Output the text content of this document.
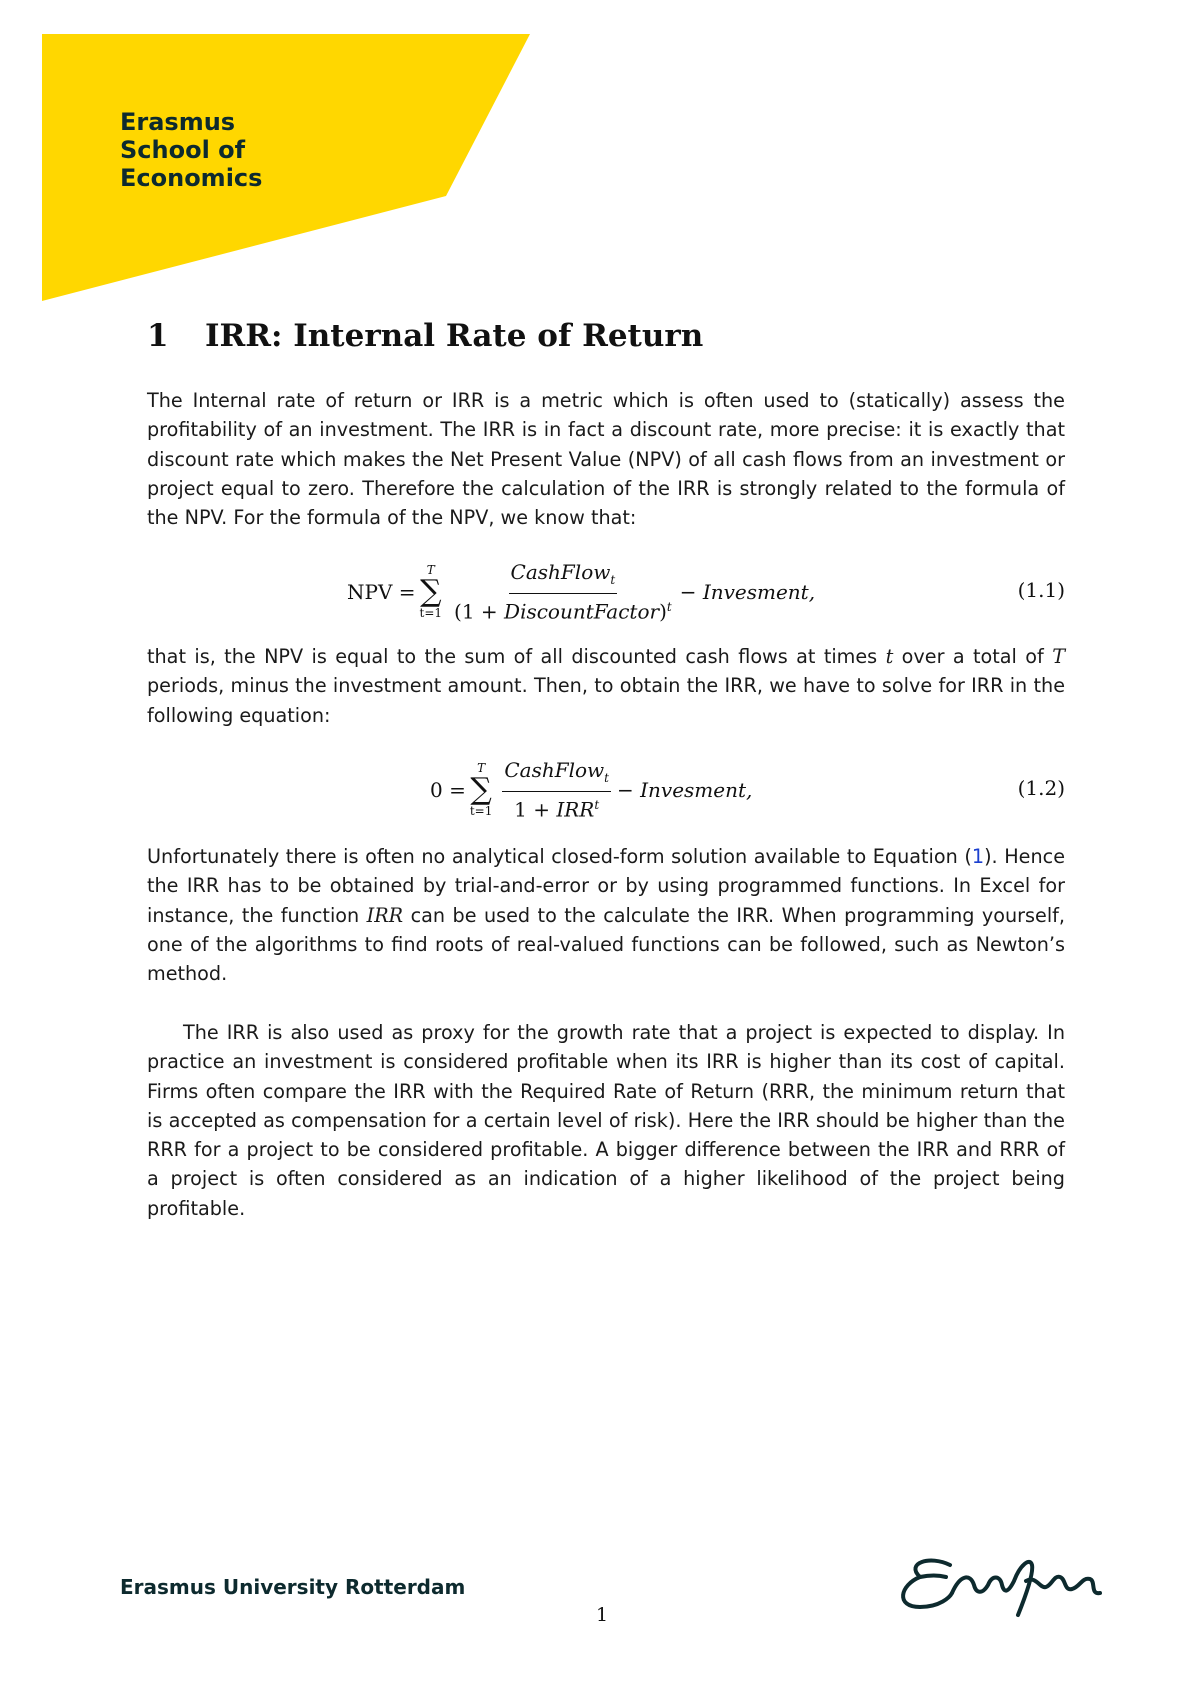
Erasmus
School of
Economics
1 IRR: Internal Rate of Return

The Internal rate of return or IRR is a metric which is often used to (statically) assess the profitability of an investment. The IRR is in fact a discount rate, more precise: it is exactly that discount rate which makes the Net Present Value (NPV) of all cash flows from an investment or project equal to zero. Therefore the calculation of the IRR is strongly related to the formula of the NPV. For the formula of the NPV, we know that:

NPV =
T
∑
$t=1 \frac{CashFlow_t}{(1 + DiscountFactor)^t}$ − Invesment,	(1.1)

that is, the NPV is equal to the sum of all discounted cash flows at times t over a total of T periods, minus the investment amount. Then, to obtain the IRR, we have to solve for IRR in the following equation:

0 =
T
∑
$t=1 \frac{CashFlow_t}{1 + IRR^t}$ − Invesment,	(1.2)

Unfortunately there is often no analytical closed-form solution available to Equation (1). Hence the IRR has to be obtained by trial-and-error or by using programmed functions. In Excel for instance, the function IRR can be used to the calculate the IRR. When programming yourself, one of the algorithms to find roots of real-valued functions can be followed, such as Newton’s method.

The IRR is also used as proxy for the growth rate that a project is expected to display. In practice an investment is considered profitable when its IRR is higher than its cost of capital. Firms often compare the IRR with the Required Rate of Return (RRR, the minimum return that is accepted as compensation for a certain level of risk). Here the IRR should be higher than the RRR for a project to be considered profitable. A bigger difference between the IRR and RRR of a project is often considered as an indication of a higher likelihood of the project being profitable.

Erasmus University Rotterdam
1
